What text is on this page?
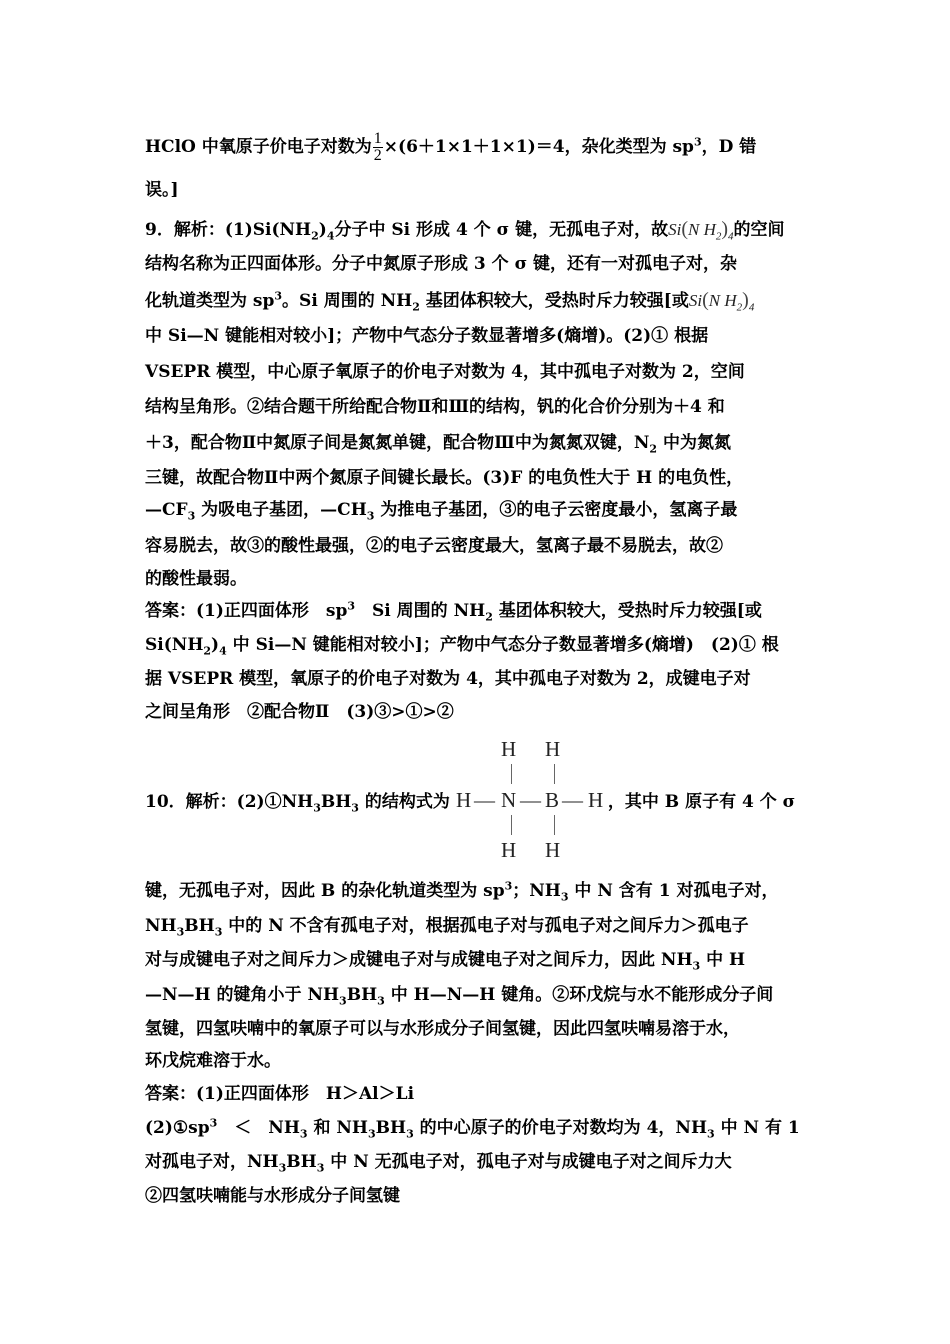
HClO 中氧原子价电子对数为 $\frac{1}{2} \times(6+1\times 1+1\times 1)=4$，杂化类型为 $sp^3$，D 错
误。]
9．解析：$(1)Si(NH_2)_4$分子中 Si 形成 4 个 σ 键，无孤电子对，故Si(N $H_2)_4$的空间
结构名称为正四面体形。分子中氮原子形成 3 个 σ 键，还有一对孤电子对，杂
化轨道类型为 $sp^3$。Si 周围的 $NH_2$ 基团体积较大，受热时斥力较强[或Si(N $H_2)_4$
中 Si—N 键能相对较小]；产物中气态分子数显著增多(熵增)。(2)① 根据
VSEPR 模型，中心原子氧原子的价电子对数为 4，其中孤电子对数为 2，空间
结构呈角形。②结合题干所给配合物Ⅱ和Ⅲ的结构，钒的化合价分别为＋4 和
＋3，配合物Ⅱ中氮原子间是氮氮单键，配合物Ⅲ中为氮氮双键，$N_2$ 中为氮氮
三键，故配合物Ⅱ中两个氮原子间键长最长。(3)F 的电负性大于 H 的电负性，
$—CF_3$ 为吸电子基团，$—CH_3$ 为推电子基团，③的电子云密度最小，氢离子最
容易脱去，故③的酸性最强，②的电子云密度最大，氢离子最不易脱去，故②
的酸性最弱。
答案：(1)正四面体形　$sp^3$　Si 周围的 $NH_2$ 基团体积较大，受热时斥力较强[或
$Si(NH_2)_4$ 中 Si—N 键能相对较小]；产物中气态分子数显著增多(熵增)　(2)① 根
据 VSEPR 模型，氧原子的价电子对数为 4，其中孤电子对数为 2，成键电子对
之间呈角形　②配合物Ⅱ　(3)③>①>②
10．解析：$(2)①NH_3BH_3$ 的结构式为	，其中 B 原子有 4 个 σ
H H
H — N — B — H
H H
键，无孤电子对，因此 B 的杂化轨道类型为 $sp^3$；$NH_3$ 中 N 含有 1 对孤电子对，
$NH_3BH_3$ 中的 N 不含有孤电子对，根据孤电子对与孤电子对之间斥力＞孤电子
对与成键电子对之间斥力＞成键电子对与成键电子对之间斥力，因此 $NH_3$ 中 H
—N—H 的键角小于 $NH_3BH_3$ 中 H—N—H 键角。②环戊烷与水不能形成分子间
氢键，四氢呋喃中的氧原子可以与水形成分子间氢键，因此四氢呋喃易溶于水，
环戊烷难溶于水。
答案：(1)正四面体形　H＞Al＞Li
$(2)①sp^3$　＜　$NH_3$ 和 $NH_3BH_3$ 的中心原子的价电子对数均为 4，$NH_3$ 中 N 有 1
对孤电子对，$NH_3BH_3$ 中 N 无孤电子对，孤电子对与成键电子对之间斥力大
②四氢呋喃能与水形成分子间氢键
